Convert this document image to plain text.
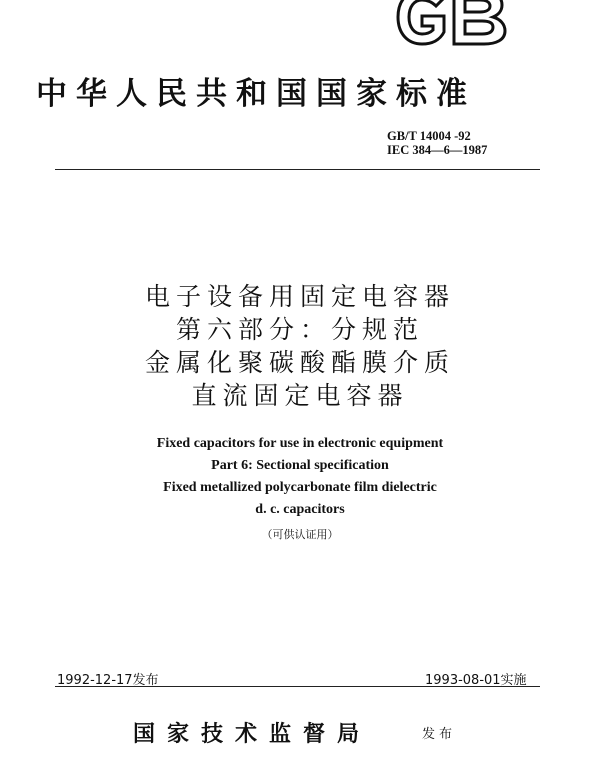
中华人民共和国国家标准
GB/T 14004 -92
IEC 384—6—1987
电子设备用固定电容器
第六部分：分规范
金属化聚碳酸酯膜介质
直流固定电容器
Fixed capacitors for use in electronic equipment
Part 6: Sectional specification
Fixed metallized polycarbonate film dielectric
d. c. capacitors
（可供认证用）
1992-12-17发布	1993-08-01实施
国家技术监督局	发布
